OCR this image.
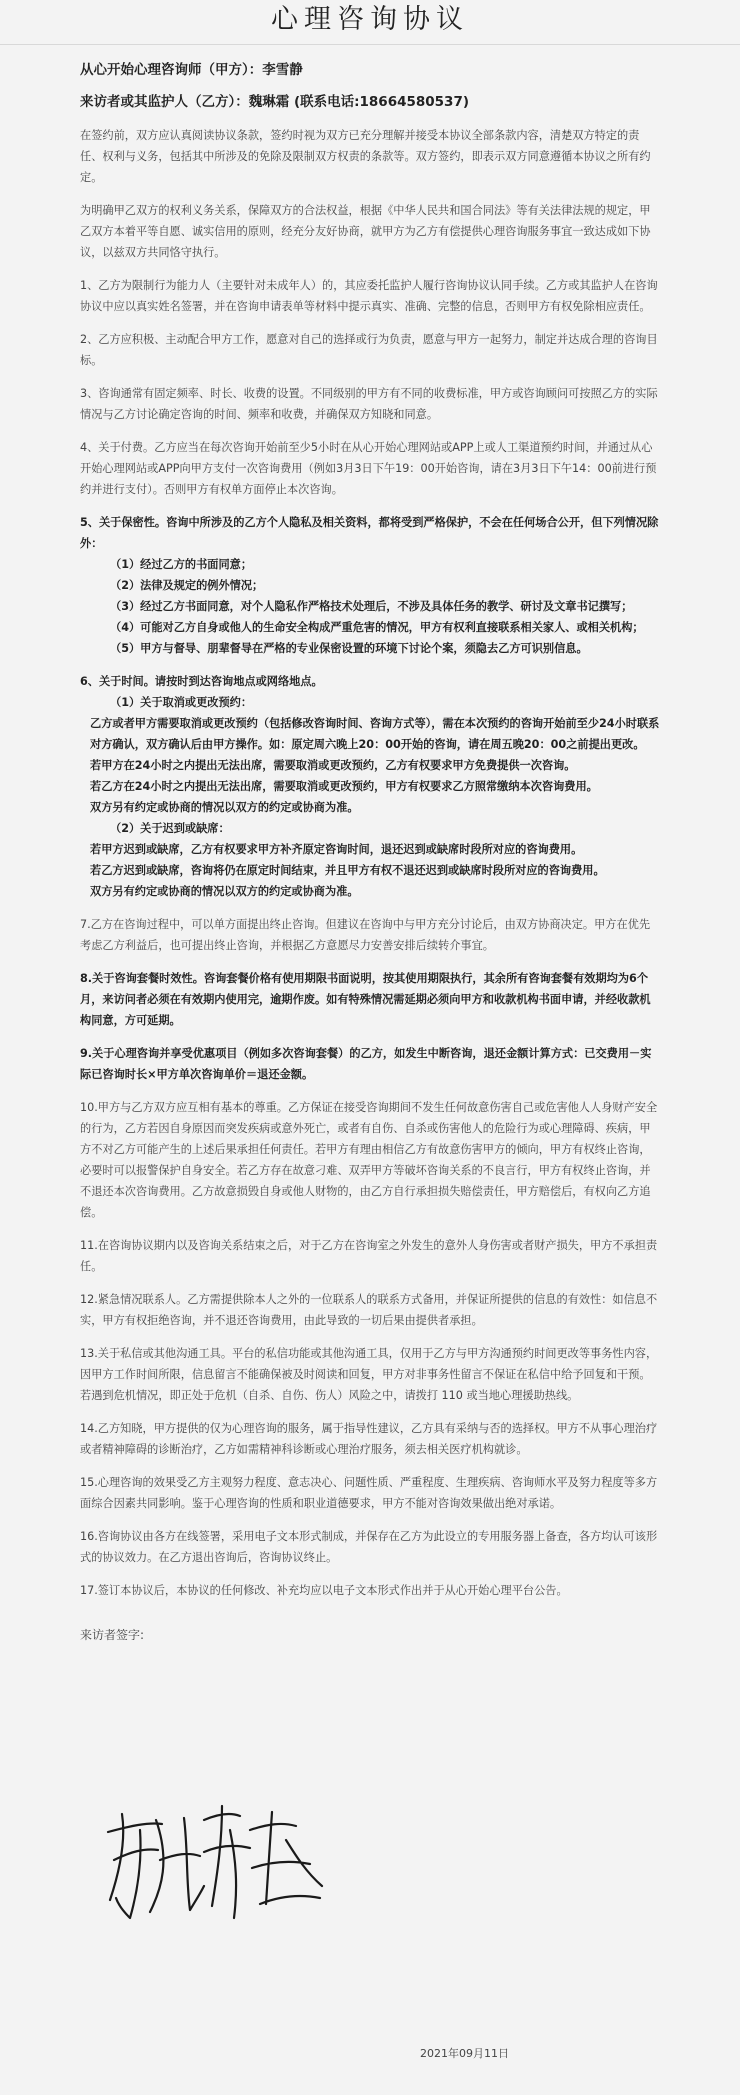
心理咨询协议
从心开始心理咨询师（甲方）：李雪静
来访者或其监护人（乙方）：魏琳霜 (联系电话:18664580537)

在签约前，双方应认真阅读协议条款，签约时视为双方已充分理解并接受本协议全部条款内容，清楚双方特定的责任、权利与义务，包括其中所涉及的免除及限制双方权责的条款等。双方签约，即表示双方同意遵循本协议之所有约定。

为明确甲乙双方的权利义务关系，保障双方的合法权益，根据《中华人民共和国合同法》等有关法律法规的规定，甲乙双方本着平等自愿、诚实信用的原则，经充分友好协商，就甲方为乙方有偿提供心理咨询服务事宜一致达成如下协议，以兹双方共同恪守执行。

1、乙方为限制行为能力人（主要针对未成年人）的，其应委托监护人履行咨询协议认同手续。乙方或其监护人在咨询协议中应以真实姓名签署，并在咨询申请表单等材料中提示真实、准确、完整的信息，否则甲方有权免除相应责任。

2、乙方应积极、主动配合甲方工作，愿意对自己的选择或行为负责，愿意与甲方一起努力，制定并达成合理的咨询目标。

3、咨询通常有固定频率、时长、收费的设置。不同级别的甲方有不同的收费标准，甲方或咨询顾问可按照乙方的实际情况与乙方讨论确定咨询的时间、频率和收费，并确保双方知晓和同意。

4、关于付费。乙方应当在每次咨询开始前至少5小时在从心开始心理网站或APP上或人工渠道预约时间，并通过从心开始心理网站或APP向甲方支付一次咨询费用（例如3月3日下午19：00开始咨询，请在3月3日下午14：00前进行预约并进行支付）。否则甲方有权单方面停止本次咨询。

5、关于保密性。咨询中所涉及的乙方个人隐私及相关资料，都将受到严格保护，不会在任何场合公开，但下列情况除外：

（1）经过乙方的书面同意；

（2）法律及规定的例外情况；

（3）经过乙方书面同意，对个人隐私作严格技术处理后，不涉及具体任务的教学、研讨及文章书记撰写；

（4）可能对乙方自身或他人的生命安全构成严重危害的情况，甲方有权利直接联系相关家人、或相关机构；

（5）甲方与督导、朋辈督导在严格的专业保密设置的环境下讨论个案，须隐去乙方可识别信息。

6、关于时间。请按时到达咨询地点或网络地点。

（1）关于取消或更改预约：

乙方或者甲方需要取消或更改预约（包括修改咨询时间、咨询方式等），需在本次预约的咨询开始前至少24小时联系对方确认，双方确认后由甲方操作。如：原定周六晚上20：00开始的咨询，请在周五晚20：00之前提出更改。

若甲方在24小时之内提出无法出席，需要取消或更改预约，乙方有权要求甲方免费提供一次咨询。

若乙方在24小时之内提出无法出席，需要取消或更改预约，甲方有权要求乙方照常缴纳本次咨询费用。

双方另有约定或协商的情况以双方的约定或协商为准。

（2）关于迟到或缺席：

若甲方迟到或缺席，乙方有权要求甲方补齐原定咨询时间，退还迟到或缺席时段所对应的咨询费用。

若乙方迟到或缺席，咨询将仍在原定时间结束，并且甲方有权不退还迟到或缺席时段所对应的咨询费用。

双方另有约定或协商的情况以双方的约定或协商为准。

7.乙方在咨询过程中，可以单方面提出终止咨询。但建议在咨询中与甲方充分讨论后，由双方协商决定。甲方在优先考虑乙方利益后，也可提出终止咨询，并根据乙方意愿尽力安善安排后续转介事宜。

8.关于咨询套餐时效性。咨询套餐价格有使用期限书面说明，按其使用期限执行，其余所有咨询套餐有效期均为6个月，来访问者必须在有效期内使用完，逾期作废。如有特殊情况需延期必须向甲方和收款机构书面申请，并经收款机构同意，方可延期。

9.关于心理咨询并享受优惠项目（例如多次咨询套餐）的乙方，如发生中断咨询，退还金额计算方式：已交费用－实际已咨询时长×甲方单次咨询单价＝退还金额。

10.甲方与乙方双方应互相有基本的尊重。乙方保证在接受咨询期间不发生任何故意伤害自己或危害他人人身财产安全的行为，乙方若因自身原因而突发疾病或意外死亡，或者有自伤、自杀或伤害他人的危险行为或心理障碍、疾病，甲方不对乙方可能产生的上述后果承担任何责任。若甲方有理由相信乙方有故意伤害甲方的倾向，甲方有权终止咨询，必要时可以报警保护自身安全。若乙方存在故意刁难、双弄甲方等破坏咨询关系的不良言行，甲方有权终止咨询，并不退还本次咨询费用。乙方故意损毁自身或他人财物的，由乙方自行承担损失赔偿责任，甲方赔偿后，有权向乙方追偿。

11.在咨询协议期内以及咨询关系结束之后，对于乙方在咨询室之外发生的意外人身伤害或者财产损失，甲方不承担责任。

12.紧急情况联系人。乙方需提供除本人之外的一位联系人的联系方式备用，并保证所提供的信息的有效性：如信息不实，甲方有权拒绝咨询，并不退还咨询费用，由此导致的一切后果由提供者承担。

13.关于私信或其他沟通工具。平台的私信功能或其他沟通工具，仅用于乙方与甲方沟通预约时间更改等事务性内容，因甲方工作时间所限，信息留言不能确保被及时阅读和回复，甲方对非事务性留言不保证在私信中给予回复和干预。若遇到危机情况，即正处于危机（自杀、自伤、伤人）风险之中，请拨打 110 或当地心理援助热线。

14.乙方知晓，甲方提供的仅为心理咨询的服务，属于指导性建议，乙方具有采纳与否的选择权。甲方不从事心理治疗或者精神障碍的诊断治疗，乙方如需精神科诊断或心理治疗服务，须去相关医疗机构就诊。

15.心理咨询的效果受乙方主观努力程度、意志决心、问题性质、严重程度、生理疾病、咨询师水平及努力程度等多方面综合因素共同影响。鉴于心理咨询的性质和职业道德要求，甲方不能对咨询效果做出绝对承诺。

16.咨询协议由各方在线签署，采用电子文本形式制成，并保存在乙方为此设立的专用服务器上备查，各方均认可该形式的协议效力。在乙方退出咨询后，咨询协议终止。

17.签订本协议后，本协议的任何修改、补充均应以电子文本形式作出并于从心开始心理平台公告。

来访者签字:

2021年09月11日
